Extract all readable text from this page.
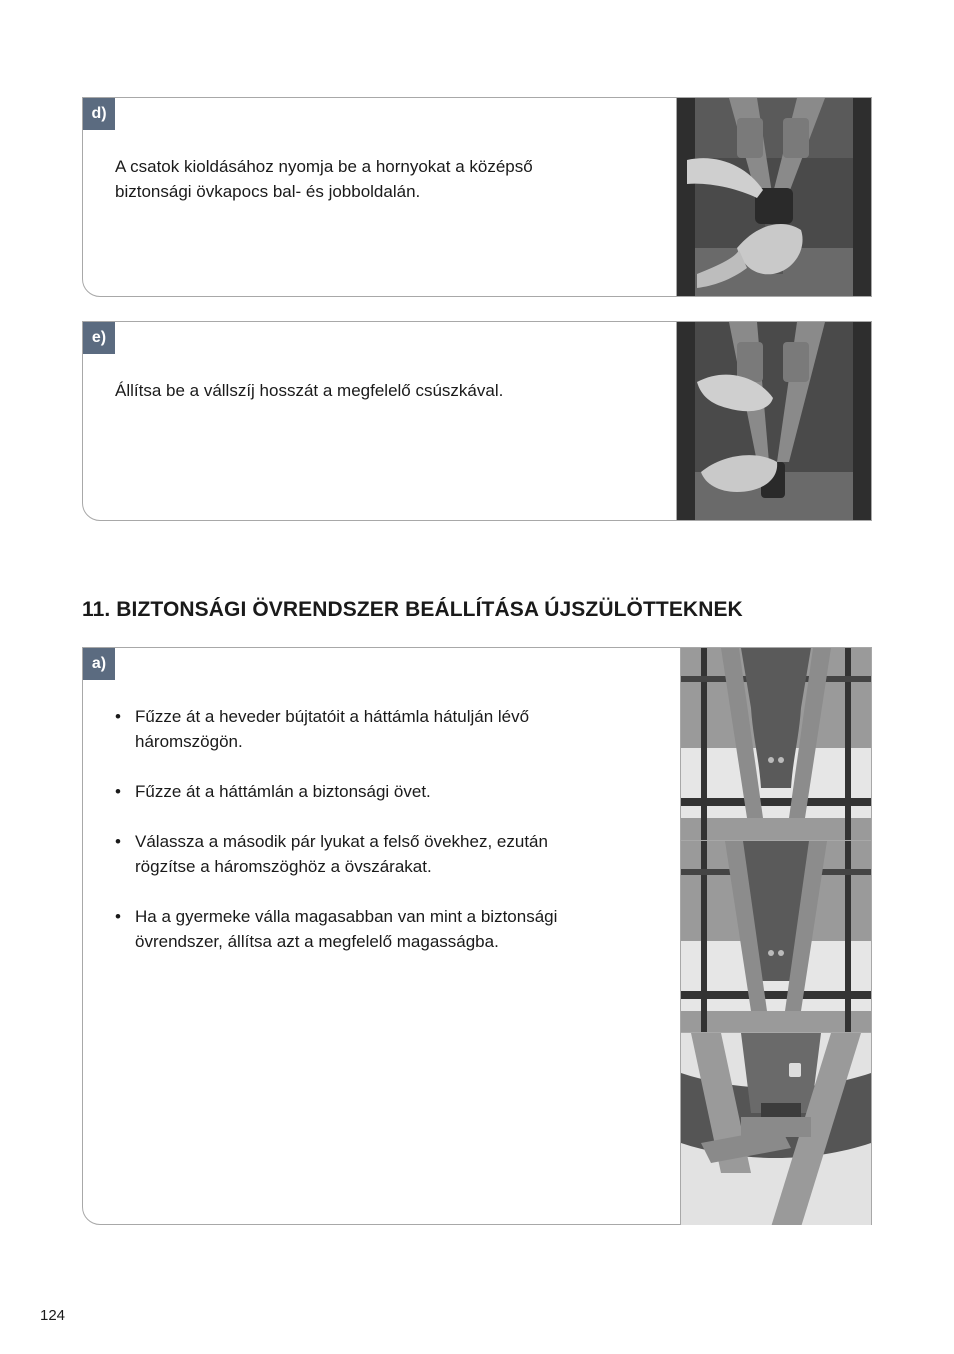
d)

A csatok kioldásához nyomja be a hornyokat a középső

biztonsági övkapocs bal- és jobboldalán.

e)

Állítsa be a vállszíj hosszát a megfelelő csúszkával.

11. BIZTONSÁGI ÖVRENDSZER BEÁLLÍTÁSA ÚJSZÜLÖTTEKNEK
a)
• Fűzze át a heveder bújtatóit a háttámla hátulján lévő
háromszögön.
• Fűzze át a háttámlán a biztonsági övet.
• Válassza a második pár lyukat a felső övekhez, ezután
rögzítse a háromszöghöz a övszárakat.
• Ha a gyermeke válla magasabban van mint a biztonsági
övrendszer, állítsa azt a megfelelő magasságba.
124
